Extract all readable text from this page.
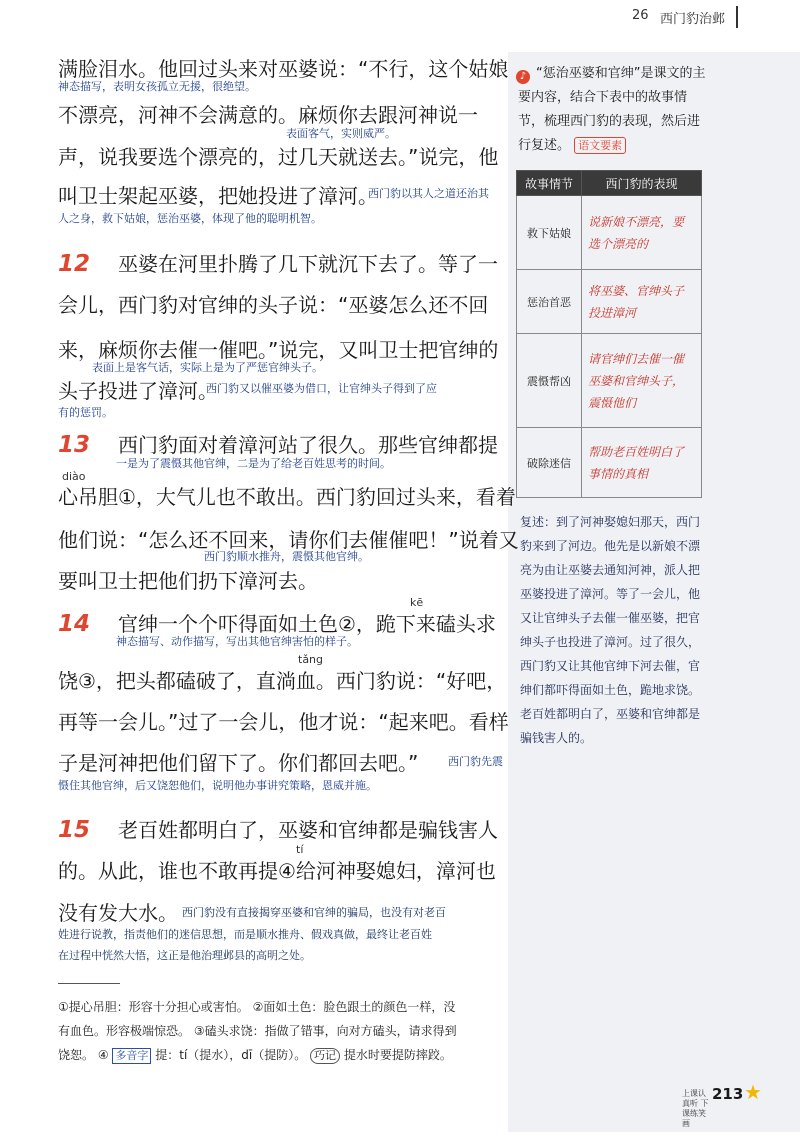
26 西门豹治邺
♪ “惩治巫婆和官绅”是课文的主要内容，结合下表中的故事情节，梳理西门豹的表现，然后进行复述。 语文要素
故事情节	西门豹的表现
救下姑娘	说新娘不漂亮，要选个漂亮的
惩治首恶	将巫婆、官绅头子投进漳河
震慑帮凶	请官绅们去催一催巫婆和官绅头子，震慑他们
破除迷信	帮助老百姓明白了事情的真相
复述：到了河神娶媳妇那天，西门豹来到了河边。他先是以新娘不漂亮为由让巫婆去通知河神，派人把巫婆投进了漳河。等了一会儿，他又让官绅头子去催一催巫婆，把官绅头子也投进了漳河。过了很久，西门豹又让其他官绅下河去催，官绅们都吓得面如土色，跪地求饶。老百姓都明白了，巫婆和官绅都是骗钱害人的。
满脸泪水。他回过头来对巫婆说：“不行，这个姑娘
神态描写，表明女孩孤立无援，很绝望。
不漂亮，河神不会满意的。麻烦你去跟河神说一
表面客气，实则威严。
声，说我要选个漂亮的，过几天就送去。”说完，他
叫卫士架起巫婆，把她投进了漳河。
西门豹以其人之道还治其
人之身，救下姑娘，惩治巫婆，体现了他的聪明机智。
12 巫婆在河里扑腾了几下就沉下去了。等了一
会儿，西门豹对官绅的头子说：“巫婆怎么还不回
来，麻烦你去催一催吧。”说完，又叫卫士把官绅的
表面上是客气话，实际上是为了严惩官绅头子。
头子投进了漳河。
西门豹又以催巫婆为借口，让官绅头子得到了应
有的惩罚。
13 西门豹面对着漳河站了很久。那些官绅都提
一是为了震慑其他官绅，二是为了给老百姓思考的时间。
diào
心吊胆①，大气儿也不敢出。西门豹回过头来，看着
他们说：“怎么还不回来，请你们去催催吧！”说着又
西门豹顺水推舟，震慑其他官绅。
要叫卫士把他们扔下漳河去。
14
kē
官绅一个个吓得面如土色②，跪下来磕头求
神态描写、动作描写，写出其他官绅害怕的样子。
tǎng
饶③，把头都磕破了，直淌血。西门豹说：“好吧，
再等一会儿。”过了一会儿，他才说：“起来吧。看样
子是河神把他们留下了。你们都回去吧。”	西门豹先震
慑住其他官绅，后又饶恕他们，说明他办事讲究策略，恩威并施。
15 老百姓都明白了，巫婆和官绅都是骗钱害人
tí
的。从此，谁也不敢再提④给河神娶媳妇，漳河也
没有发大水。 西门豹没有直接揭穿巫婆和官绅的骗局，也没有对老百
姓进行说教，指责他们的迷信思想，而是顺水推舟、假戏真做，最终让老百姓
在过程中恍然大悟，这正是他治理邺县的高明之处。
①提心吊胆：形容十分担心或害怕。 ②面如土色：脸色跟土的颜色一样，没
有血色。形容极端惊恐。 ③磕头求饶：指做了错事，向对方磕头，请求得到
饶恕。 ④ 多音字 提：tí（提水），dī（提防）。 巧记 提水时要提防摔跤。
上课认真听 下课练笑画
213 ★
